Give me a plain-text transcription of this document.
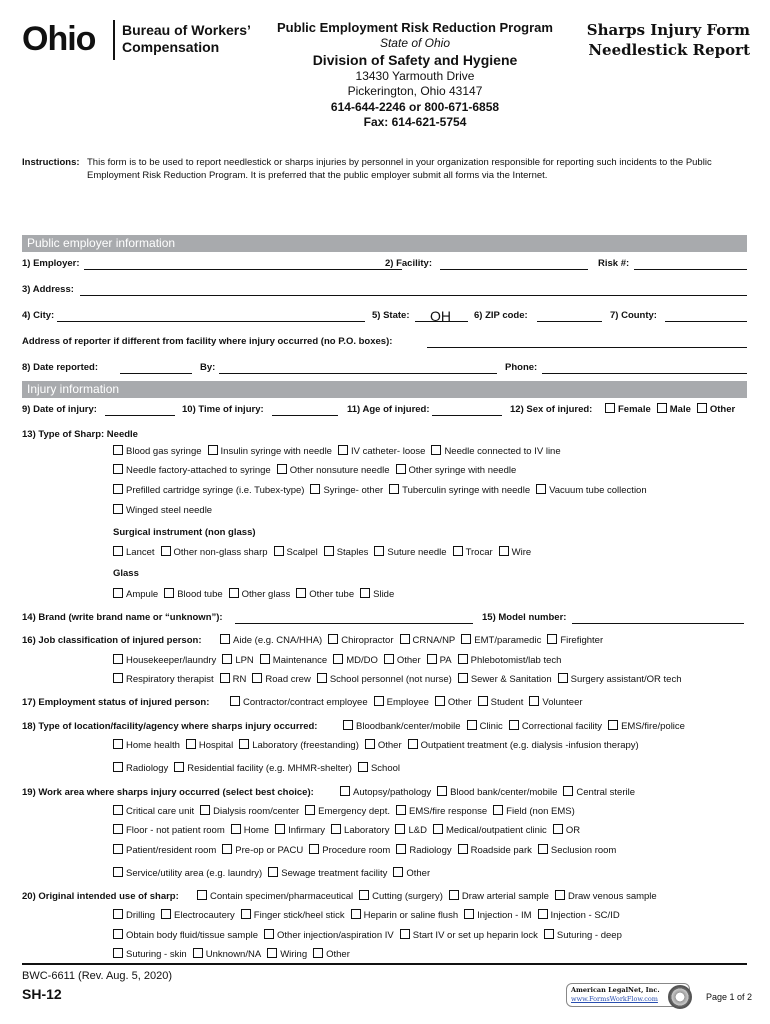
Ohio Bureau of Workers’
Compensation
Public Employment Risk Reduction Program
State of Ohio
Division of Safety and Hygiene
13430 Yarmouth Drive
Pickerington, Ohio 43147
614-644-2246 or 800-671-6858
Fax: 614-621-5754
Sharps Injury Form
Needlestick Report
Instructions: This form is to be used to report needlestick or sharps injuries by personnel in your organization responsible for reporting such incidents to the Public Employment Risk Reduction Program. It is preferred that the public employer submit all forms via the Internet.
Public employer information
1) Employer:	2) Facility:	Risk #:
3) Address:
4) City:	5) State: OH 6) ZIP code:	7) County:
Address of reporter if different from facility where injury occurred (no P.O. boxes):
8) Date reported:	By:	Phone:
Injury information
9) Date of injury:	10) Time of injury:	11) Age of injured:	12) Sex of injured:	Female Male Other
13) Type of Sharp: Needle
Blood gas syringe Insulin syringe with needle IV catheter- loose Needle connected to IV line
Needle factory-attached to syringe Other nonsuture needle Other syringe with needle
Prefilled cartridge syringe (i.e. Tubex-type) Syringe- other Tuberculin syringe with needle Vacuum tube collection
Winged steel needle
Surgical instrument (non glass)
Lancet Other non-glass sharp Scalpel Staples Suture needle Trocar Wire
Glass
Ampule Blood tube Other glass Other tube Slide
14) Brand (write brand name or “unknown”):	15) Model number:
16) Job classification of injured person:	Aide (e.g. CNA/HHA) Chiropractor CRNA/NP EMT/paramedic Firefighter
Housekeeper/laundry LPN Maintenance MD/DO Other PA Phlebotomist/lab tech
Respiratory therapist RN Road crew School personnel (not nurse) Sewer & Sanitation Surgery assistant/OR tech
17) Employment status of injured person:	Contractor/contract employee Employee Other Student Volunteer
18) Type of location/facility/agency where sharps injury occurred:	Bloodbank/center/mobile Clinic Correctional facility EMS/fire/police
Home health Hospital Laboratory (freestanding) Other Outpatient treatment (e.g. dialysis -infusion therapy)
Radiology Residential facility (e.g. MHMR-shelter) School
19) Work area where sharps injury occurred (select best choice):	Autopsy/pathology Blood bank/center/mobile Central sterile
Critical care unit Dialysis room/center Emergency dept. EMS/fire response Field (non EMS)
Floor - not patient room Home Infirmary Laboratory L&D Medical/outpatient clinic OR
Patient/resident room Pre-op or PACU Procedure room Radiology Roadside park Seclusion room
Service/utility area (e.g. laundry) Sewage treatment facility Other
20) Original intended use of sharp:	Contain specimen/pharmaceutical Cutting (surgery) Draw arterial sample Draw venous sample
Drilling Electrocautery Finger stick/heel stick Heparin or saline flush Injection - IM Injection - SC/ID
Obtain body fluid/tissue sample Other injection/aspiration IV Start IV or set up heparin lock Suturing - deep
Suturing - skin Unknown/NA Wiring Other
BWC-6611 (Rev. Aug. 5, 2020)
SH-12	American LegalNet, Inc.
www.FormsWorkFlow.com	Page 1 of 2
